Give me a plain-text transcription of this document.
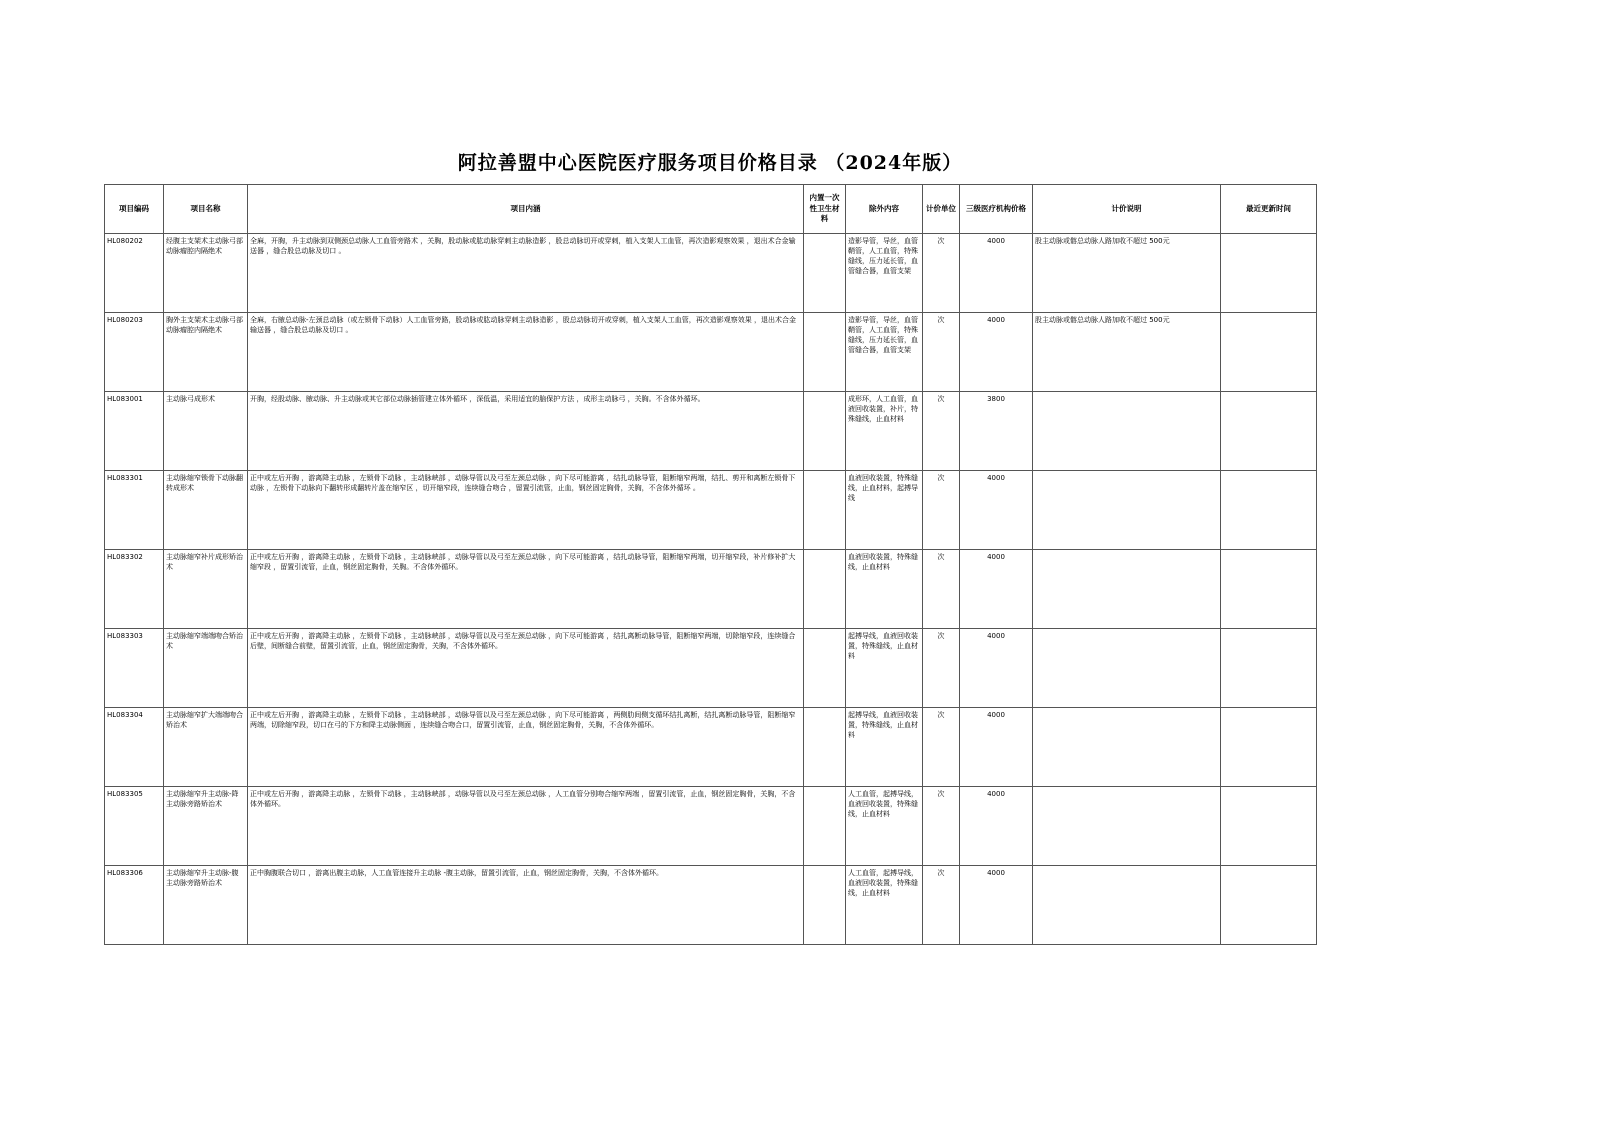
阿拉善盟中心医院医疗服务项目价格目录 （2024年版）
项目编码	项目名称	项目内涵	内置一次性卫生材料	除外内容	计价单位	三级医疗机构价格	计价说明	最近更新时间
HL080202	经腹主支架术主动脉弓部动脉瘤腔内隔绝术	全麻，开胸，升主动脉到双侧颈总动脉人工血管旁路术 ，关胸，股动脉或肱动脉穿刺主动脉造影 ，股总动脉切开或穿刺，植入支架人工血管，再次造影观察效果 ，退出术合金输送器 ，缝合股总动脉及切口 。		造影导管，导丝，血管鞘管，人工血管，特殊缝线，压力延长管，血管缝合器，血管支架	次	4000	股主动脉或髂总动脉人路加收不超过 500元	
HL080203	胸外主支架术主动脉弓部动脉瘤腔内隔绝术	全麻，右腋总动脉-左颈总动脉（或左锁骨下动脉）人工血管旁路，股动脉或肱动脉穿刺主动脉造影 ，股总动脉切开或穿刺，植入支架人工血管，再次造影观察效果 ，退出术合金输送器 ，缝合股总动脉及切口 。		造影导管，导丝，血管鞘管，人工血管，特殊缝线，压力延长管，血管缝合器，血管支架	次	4000	股主动脉或髂总动脉人路加收不超过 500元	
HL083001	主动脉弓成形术	开胸，经股动脉、腋动脉、升主动脉或其它部位动脉插管建立体外循环 ，深低温，采用适宜的脑保护方法 ，成形主动脉弓 ，关胸。不含体外循环。		成形环，人工血管，血液回收装置，补片，特殊缝线，止血材料	次	3800		
HL083301	主动脉缩窄锁骨下动脉翻转成形术	正中或左后开胸 ，游离降主动脉 ，左锁骨下动脉 ，主动脉峡部 ，动脉导管以及弓至左颈总动脉 ，向下尽可能游离 ，结扎动脉导管，阻断缩窄两端，结扎、剪开和离断左锁骨下动脉 ，左锁骨下动脉向下翻转形成翻转片盖在缩窄区 ，切开缩窄段，连续缝合吻合 ，留置引流管，止血，钢丝固定胸骨，关胸，不含体外循环 。		血液回收装置，特殊缝线，止血材料，起搏导线	次	4000		
HL083302	主动脉缩窄补片成形矫治术	正中或左后开胸 ，游离降主动脉 ，左锁骨下动脉 ，主动脉峡部 ，动脉导管以及弓至左颈总动脉 ，向下尽可能游离 ，结扎动脉导管，阻断缩窄两端，切开缩窄段，补片修补扩大缩窄段 ，留置引流管，止血，钢丝固定胸骨，关胸。不含体外循环。		血液回收装置，特殊缝线，止血材料	次	4000		
HL083303	主动脉缩窄端端吻合矫治术	正中或左后开胸 ，游离降主动脉 ，左锁骨下动脉 ，主动脉峡部 ，动脉导管以及弓至左颈总动脉 ，向下尽可能游离 ，结扎离断动脉导管，阻断缩窄两端，切除缩窄段，连续缝合后壁，间断缝合前壁，留置引流管，止血，钢丝固定胸骨，关胸，不含体外循环。		起搏导线，血液回收装置，特殊缝线，止血材料	次	4000		
HL083304	主动脉缩窄扩大端端吻合矫治术	正中或左后开胸 ，游离降主动脉 ，左锁骨下动脉 ，主动脉峡部 ，动脉导管以及弓至左颈总动脉 ，向下尽可能游离 ，两侧肋间侧支循环结扎离断，结扎离断动脉导管，阻断缩窄两端，切除缩窄段，切口在弓的下方和降主动脉侧面 ，连续缝合吻合口，留置引流管，止血，钢丝固定胸骨，关胸，不含体外循环。		起搏导线，血液回收装置，特殊缝线，止血材料	次	4000		
HL083305	主动脉缩窄升主动脉-降主动脉旁路矫治术	正中或左后开胸 ，游离降主动脉 ，左锁骨下动脉 ，主动脉峡部 ，动脉导管以及弓至左颈总动脉 ，人工血管分别吻合缩窄两端 ，留置引流管，止血，钢丝固定胸骨，关胸，不含体外循环。		人工血管，起搏导线，血液回收装置，特殊缝线，止血材料	次	4000		
HL083306	主动脉缩窄升主动脉-腹主动脉旁路矫治术	正中胸腹联合切口 ，游离出腹主动脉，人工血管连接升主动脉 -腹主动脉，留置引流管，止血，钢丝固定胸骨，关胸，不含体外循环。		人工血管，起搏导线，血液回收装置，特殊缝线，止血材料	次	4000		
